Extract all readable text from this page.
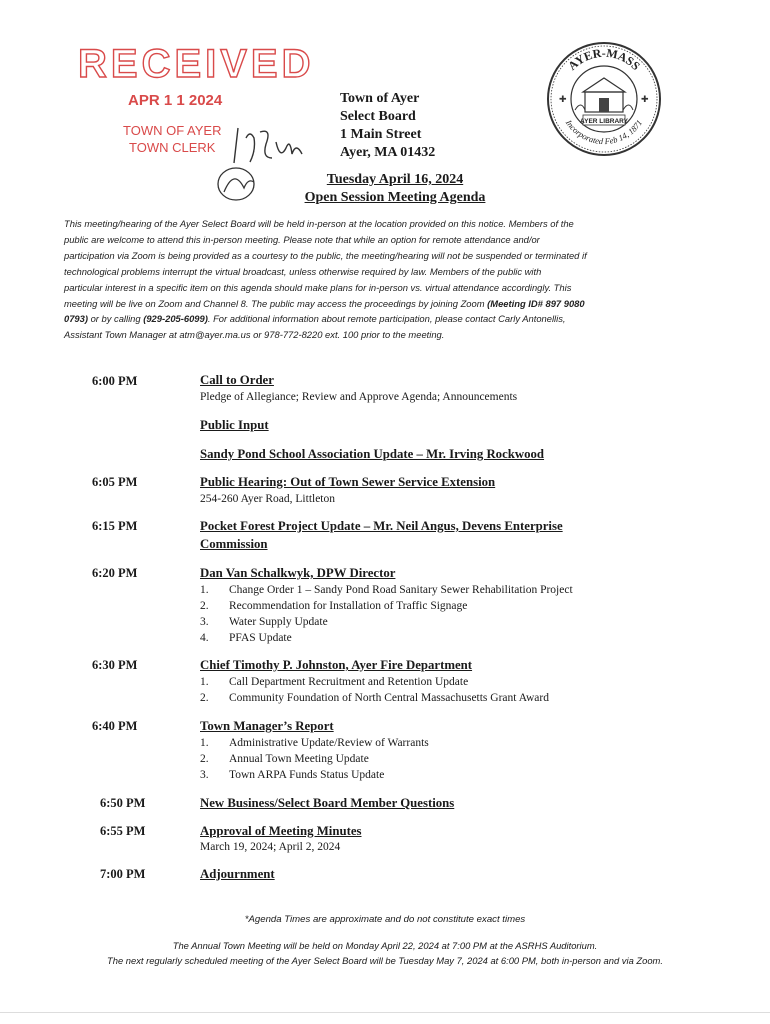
RECEIVED
APR 1 1 2024
TOWN OF AYER
TOWN CLERK
Town of Ayer
Select Board
1 Main Street
Ayer, MA 01432
Tuesday April 16, 2024
Open Session Meeting Agenda
AYER-MASS
Incorporated Feb 14, 1871
AYER LIBRARY
✚	✚
This meeting/hearing of the Ayer Select Board will be held in-person at the location provided on this notice. Members of the
public are welcome to attend this in-person meeting. Please note that while an option for remote attendance and/or
participation via Zoom is being provided as a courtesy to the public, the meeting/hearing will not be suspended or terminated if
technological problems interrupt the virtual broadcast, unless otherwise required by law. Members of the public with
particular interest in a specific item on this agenda should make plans for in-person vs. virtual attendance accordingly. This
meeting will be live on Zoom and Channel 8. The public may access the proceedings by joining Zoom (Meeting ID# 897 9080
0793) or by calling (929-205-6099). For additional information about remote participation, please contact Carly Antonellis,
Assistant Town Manager at atm@ayer.ma.us or 978-772-8220 ext. 100 prior to the meeting.
6:00 PM	Call to Order
Pledge of Allegiance; Review and Approve Agenda; Announcements
Public Input
Sandy Pond School Association Update – Mr. Irving Rockwood
6:05 PM	Public Hearing: Out of Town Sewer Service Extension
254-260 Ayer Road, Littleton
6:15 PM	Pocket Forest Project Update – Mr. Neil Angus, Devens Enterprise
Commission
6:20 PM	Dan Van Schalkwyk, DPW Director
1. Change Order 1 – Sandy Pond Road Sanitary Sewer Rehabilitation Project
2. Recommendation for Installation of Traffic Signage
3. Water Supply Update
4. PFAS Update
6:30 PM	Chief Timothy P. Johnston, Ayer Fire Department
1. Call Department Recruitment and Retention Update
2. Community Foundation of North Central Massachusetts Grant Award
6:40 PM	Town Manager’s Report
1. Administrative Update/Review of Warrants
2. Annual Town Meeting Update
3. Town ARPA Funds Status Update
6:50 PM	New Business/Select Board Member Questions
6:55 PM	Approval of Meeting Minutes
March 19, 2024; April 2, 2024
7:00 PM	Adjournment
*Agenda Times are approximate and do not constitute exact times
The Annual Town Meeting will be held on Monday April 22, 2024 at 7:00 PM at the ASRHS Auditorium.
The next regularly scheduled meeting of the Ayer Select Board will be Tuesday May 7, 2024 at 6:00 PM, both in-person and via Zoom.
